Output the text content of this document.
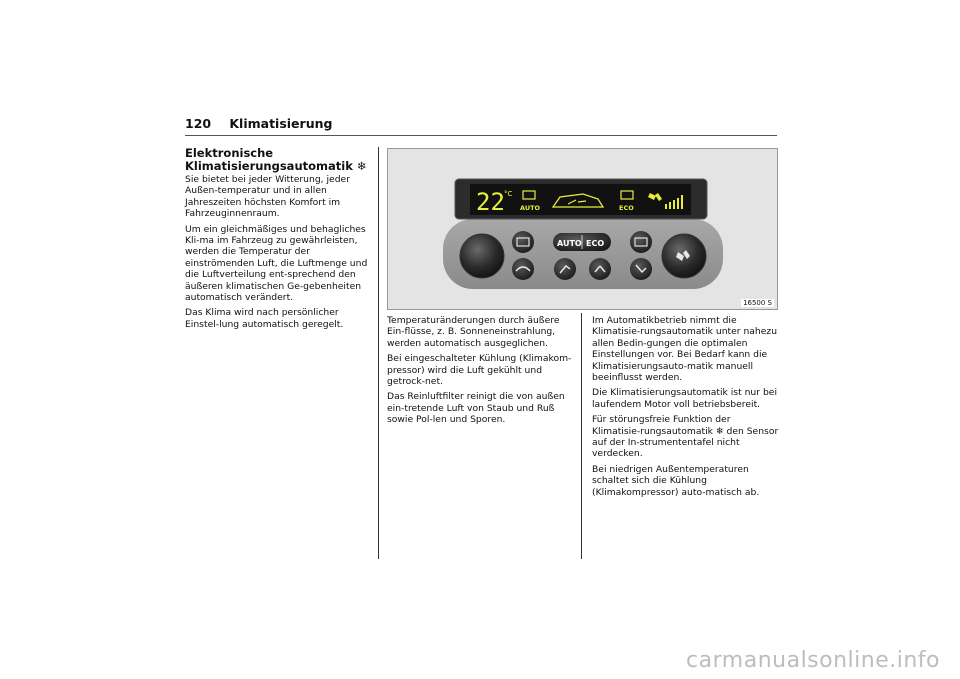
120 Klimatisierung
Elektronische
Klimatisierungsautomatik ❄

Sie bietet bei jeder Witterung, jeder Außen-temperatur und in allen Jahreszeiten höchsten Komfort im Fahrzeuginnenraum.

Um ein gleichmäßiges und behagliches Kli-ma im Fahrzeug zu gewährleisten, werden die Temperatur der einströmenden Luft, die Luftmenge und die Luftverteilung ent-sprechend den äußeren klimatischen Ge-gebenheiten automatisch verändert.

Das Klima wird nach persönlicher Einstel-lung automatisch geregelt.

22 °C
AUTO	ECO
AUTO ECO
16500 S

Temperaturänderungen durch äußere Ein-flüsse, z. B. Sonneneinstrahlung, werden automatisch ausgeglichen.

Bei eingeschalteter Kühlung (Klimakom-pressor) wird die Luft gekühlt und getrock-net.

Das Reinluftfilter reinigt die von außen ein-tretende Luft von Staub und Ruß sowie Pol-len und Sporen.

Im Automatikbetrieb nimmt die Klimatisie-rungsautomatik unter nahezu allen Bedin-gungen die optimalen Einstellungen vor. Bei Bedarf kann die Klimatisierungsauto-matik manuell beeinflusst werden.

Die Klimatisierungsautomatik ist nur bei laufendem Motor voll betriebsbereit.

Für störungsfreie Funktion der Klimatisie-rungsautomatik ❄ den Sensor auf der In-strumententafel nicht verdecken.

Bei niedrigen Außentemperaturen schaltet sich die Kühlung (Klimakompressor) auto-matisch ab.

carmanualsonline.info
